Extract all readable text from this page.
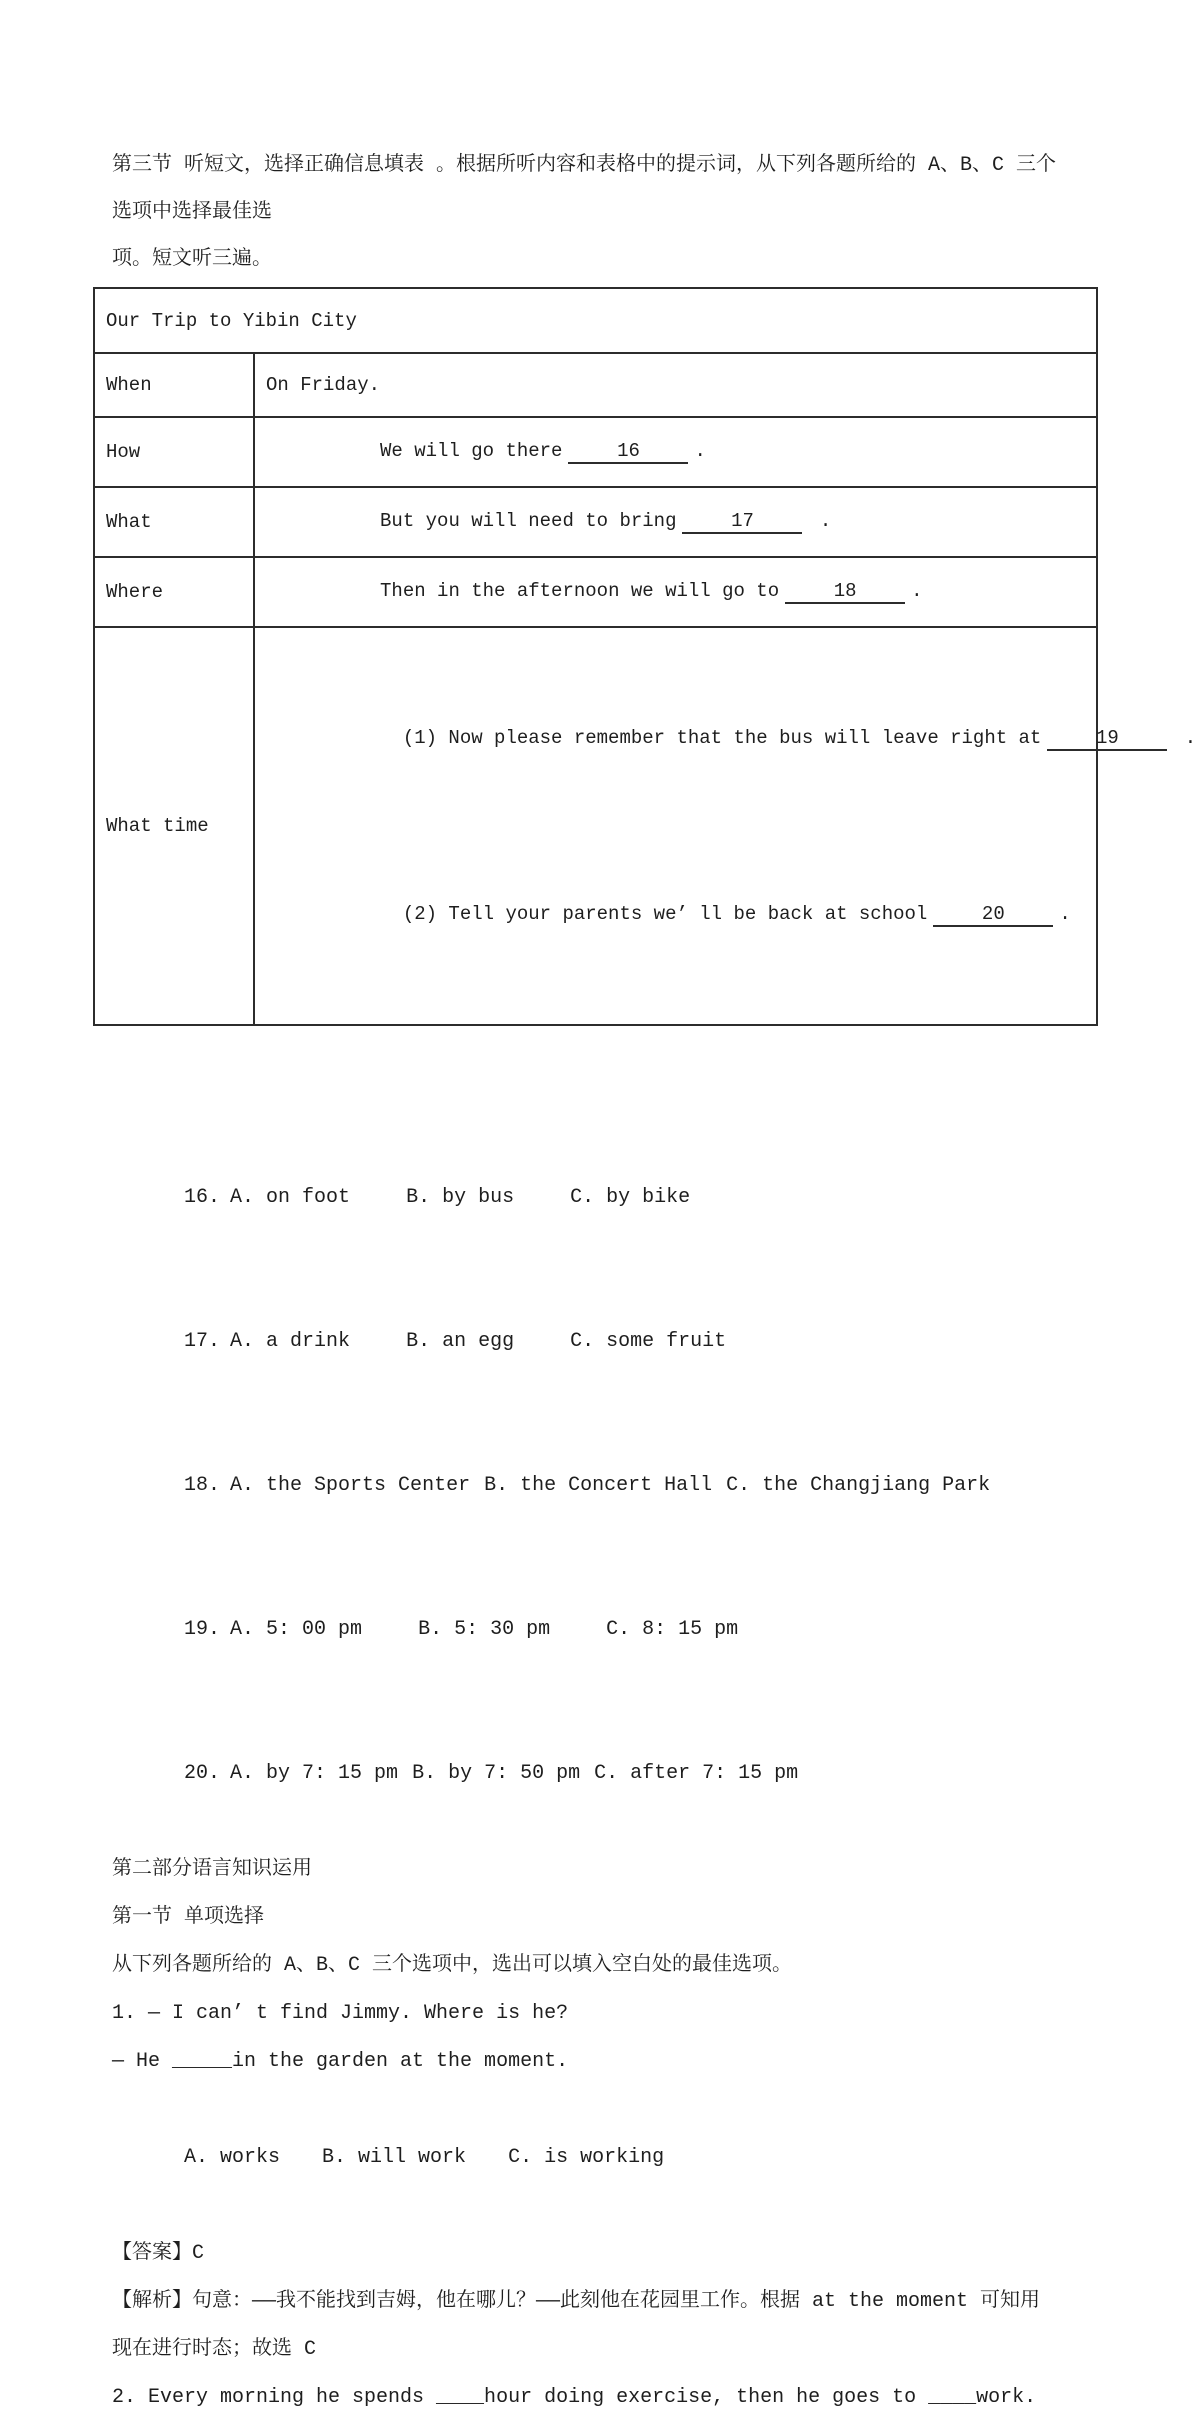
第三节 听短文，选择正确信息填表 。根据所听内容和表格中的提示词，从下列各题所给的 A、B、C 三个

选项中选择最佳选

项。短文听三遍。

Our Trip to Yibin City	
When	On Friday.
How	We will go there 16 .

What	But you will need to bring 17 .

Where	Then in the afternoon we will go to 18 .

What time	(1) Now please remember that the bus will leave right at 19 .

(2) Tell your parents we’ ll be back at school 20 .

16. A. on foot	B. by bus	C. by bike

17. A. a drink	B. an egg	C. some fruit

18. A. the Sports Center B. the Concert Hall C. the Changjiang Park

19. A. 5: 00 pm	B. 5: 30 pm	C. 8: 15 pm

20. A. by 7: 15 pm B. by 7: 50 pm C. after 7: 15 pm

第二部分语言知识运用

第一节 单项选择

从下列各题所给的 A、B、C 三个选项中，选出可以填入空白处的最佳选项。

1. — I can’ t find Jimmy. Where is he?

— He _____in the garden at the moment.

A. works B. will work C. is working

【答案】C

【解析】句意：——我不能找到吉姆，他在哪儿？——此刻他在花园里工作。根据 at the moment 可知用

现在进行时态；故选 C

2. Every morning he spends ____hour doing exercise, then he goes to ____work.
